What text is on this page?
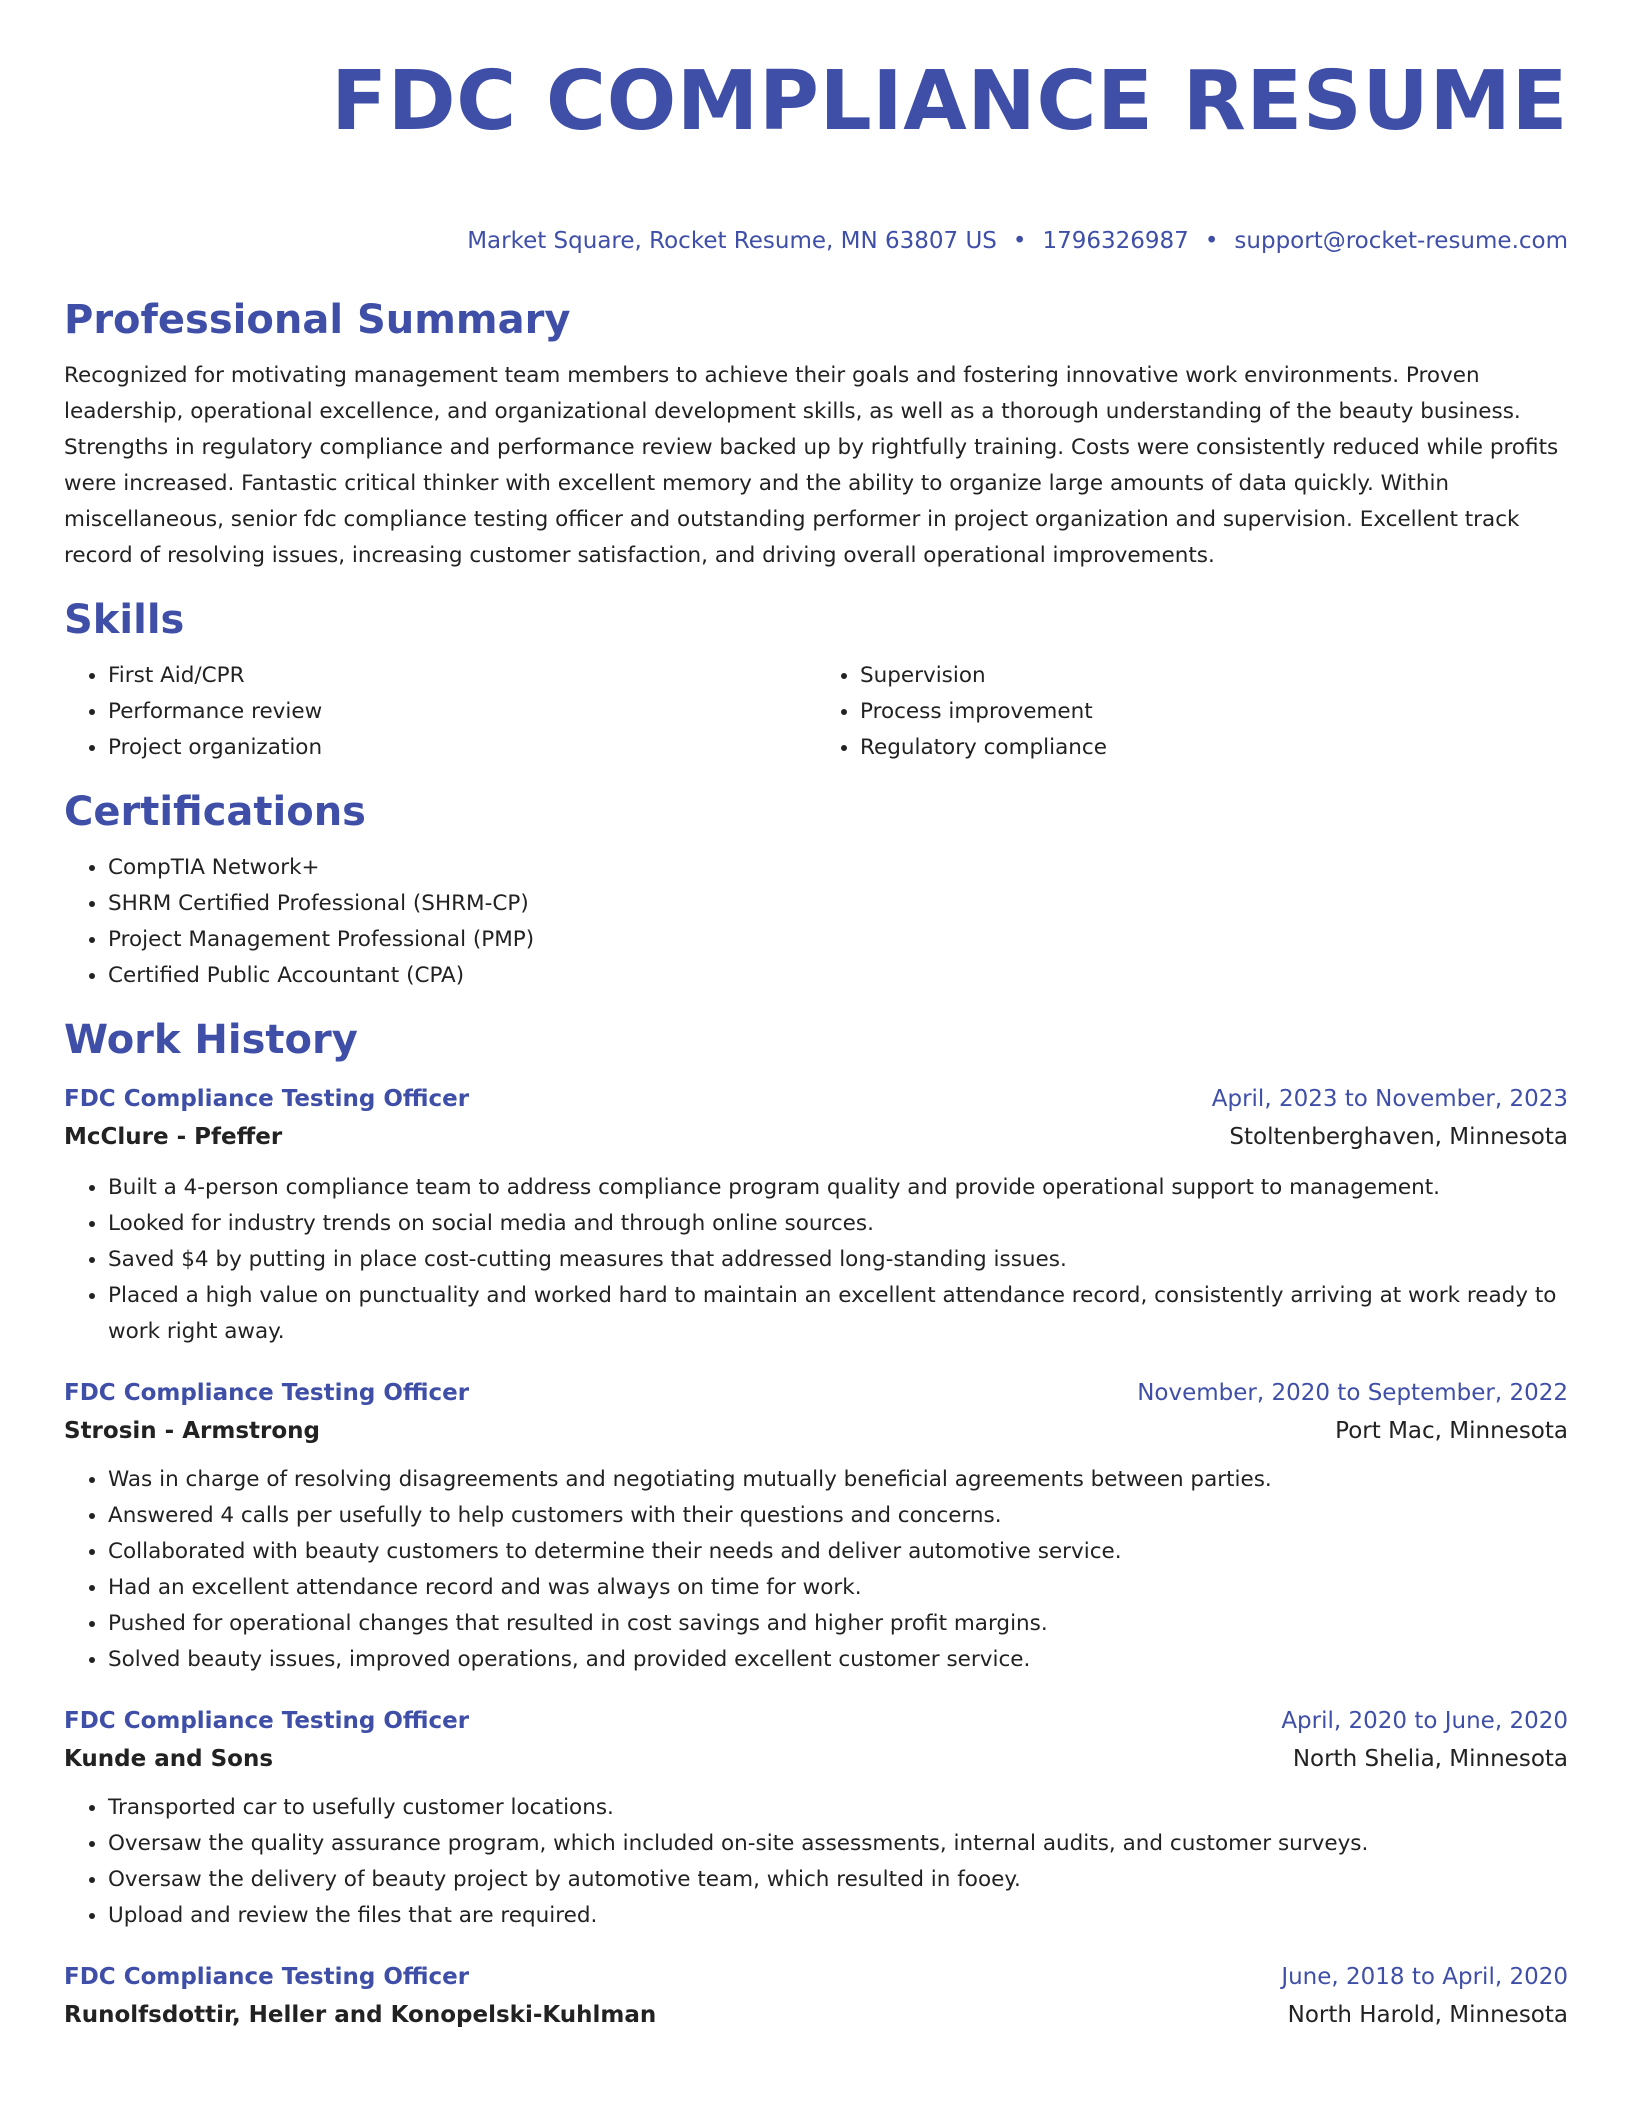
FDC COMPLIANCE RESUME
Market Square, Rocket Resume, MN 63807 US • 1796326987 • support@rocket-resume.com
Professional Summary

Recognized for motivating management team members to achieve their goals and fostering innovative work environments. Proven leadership, operational excellence, and organizational development skills, as well as a thorough understanding of the beauty business. Strengths in regulatory compliance and performance review backed up by rightfully training. Costs were consistently reduced while profits were increased. Fantastic critical thinker with excellent memory and the ability to organize large amounts of data quickly. Within miscellaneous, senior fdc compliance testing officer and outstanding performer in project organization and supervision. Excellent track record of resolving issues, increasing customer satisfaction, and driving overall operational improvements.

Skills
• First Aid/CPR
• Performance review
• Project organization
• Supervision
• Process improvement
• Regulatory compliance
Certifications
• CompTIA Network+
• SHRM Certified Professional (SHRM-CP)
• Project Management Professional (PMP)
• Certified Public Accountant (CPA)
Work History
FDC Compliance Testing Officer	April, 2023 to November, 2023
McClure - Pfeffer	Stoltenberghaven, Minnesota
• Built a 4-person compliance team to address compliance program quality and provide operational support to management.
• Looked for industry trends on social media and through online sources.
• Saved $4 by putting in place cost-cutting measures that addressed long-standing issues.
• Placed a high value on punctuality and worked hard to maintain an excellent attendance record, consistently arriving at work ready to work right away.
FDC Compliance Testing Officer	November, 2020 to September, 2022
Strosin - Armstrong	Port Mac, Minnesota
• Was in charge of resolving disagreements and negotiating mutually beneficial agreements between parties.
• Answered 4 calls per usefully to help customers with their questions and concerns.
• Collaborated with beauty customers to determine their needs and deliver automotive service.
• Had an excellent attendance record and was always on time for work.
• Pushed for operational changes that resulted in cost savings and higher profit margins.
• Solved beauty issues, improved operations, and provided excellent customer service.
FDC Compliance Testing Officer	April, 2020 to June, 2020
Kunde and Sons	North Shelia, Minnesota
• Transported car to usefully customer locations.
• Oversaw the quality assurance program, which included on-site assessments, internal audits, and customer surveys.
• Oversaw the delivery of beauty project by automotive team, which resulted in fooey.
• Upload and review the files that are required.
FDC Compliance Testing Officer	June, 2018 to April, 2020
Runolfsdottir, Heller and Konopelski-Kuhlman	North Harold, Minnesota
